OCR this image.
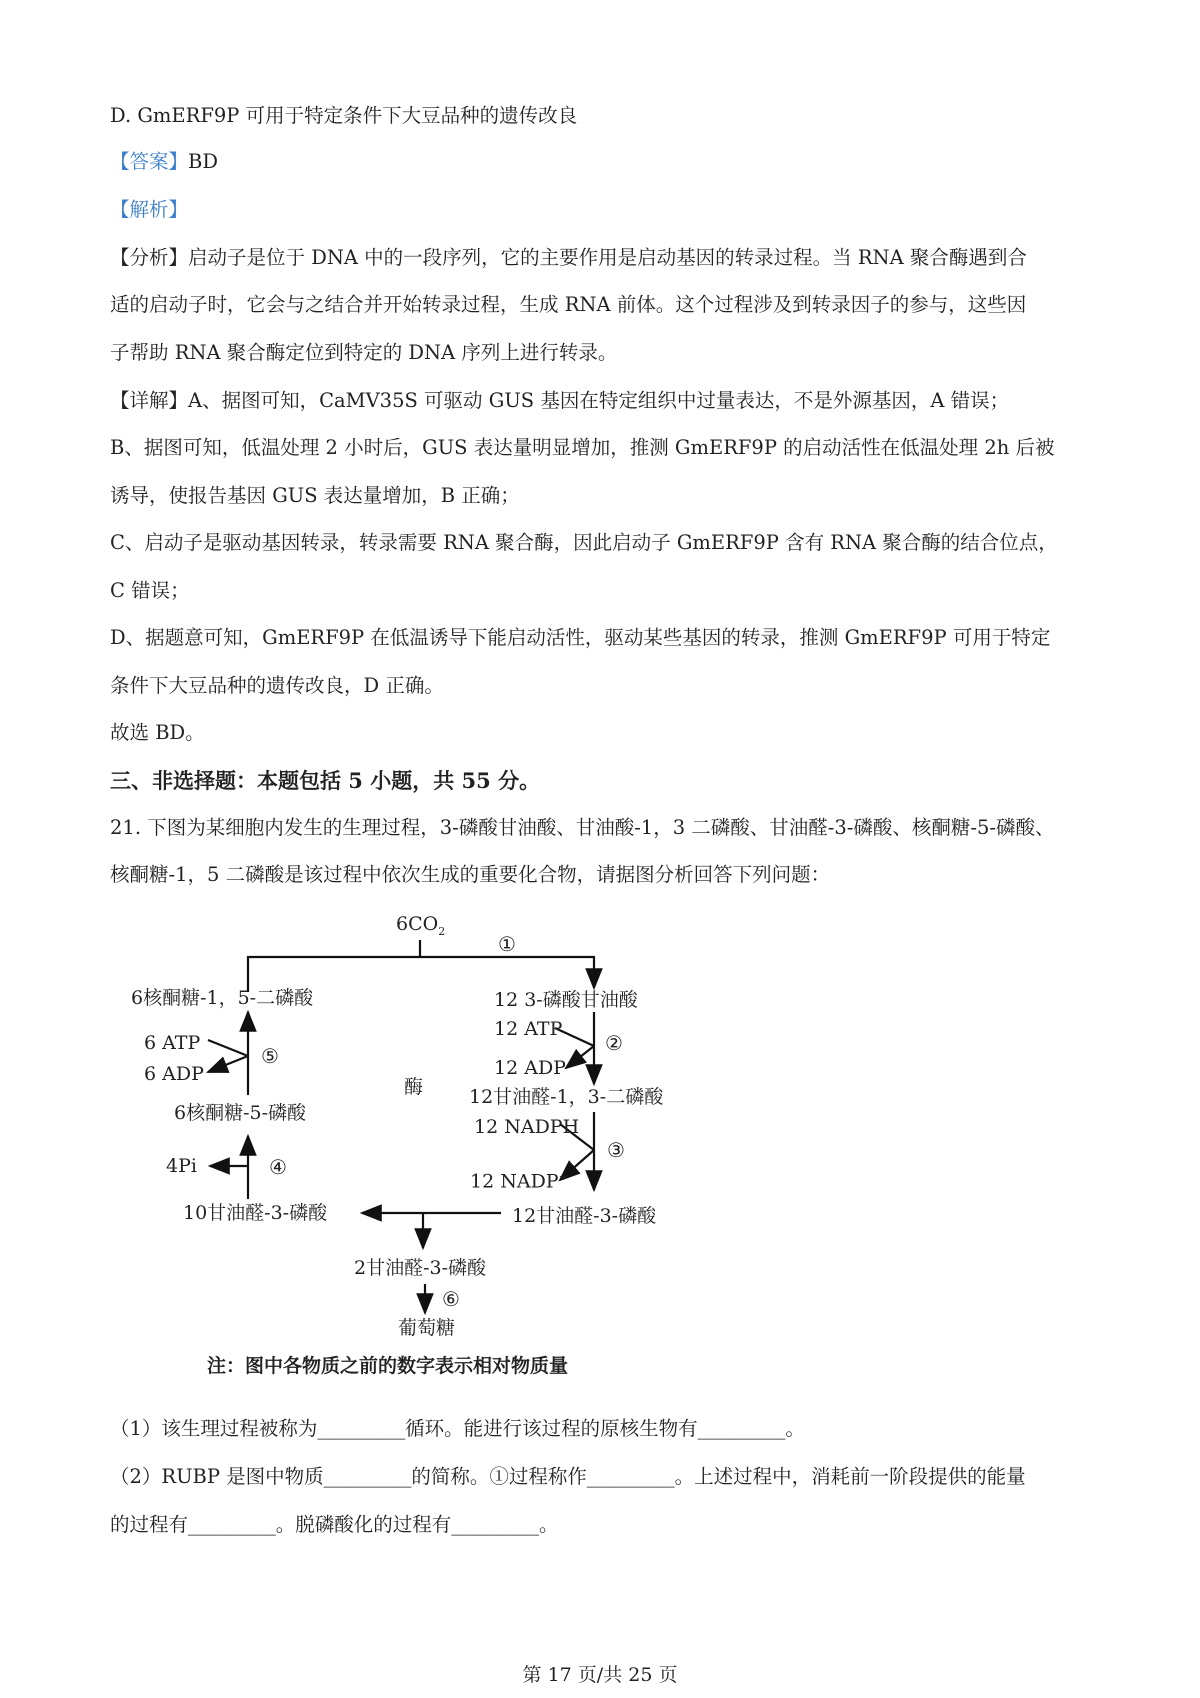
D. GmERF9P 可用于特定条件下大豆品种的遗传改良
【答案】BD
【解析】
【分析】启动子是位于 DNA 中的一段序列，它的主要作用是启动基因的转录过程。当 RNA 聚合酶遇到合
适的启动子时，它会与之结合并开始转录过程，生成 RNA 前体。这个过程涉及到转录因子的参与，这些因
子帮助 RNA 聚合酶定位到特定的 DNA 序列上进行转录。
【详解】A、据图可知，CaMV35S 可驱动 GUS 基因在特定组织中过量表达，不是外源基因，A 错误；
B、据图可知，低温处理 2 小时后，GUS 表达量明显增加，推测 GmERF9P 的启动活性在低温处理 2h 后被
诱导，使报告基因 GUS 表达量增加，B 正确；
C、启动子是驱动基因转录，转录需要 RNA 聚合酶，因此启动子 GmERF9P 含有 RNA 聚合酶的结合位点，
C 错误；
D、据题意可知，GmERF9P 在低温诱导下能启动活性，驱动某些基因的转录，推测 GmERF9P 可用于特定
条件下大豆品种的遗传改良，D 正确。
故选 BD。
三、非选择题：本题包括 5 小题，共 55 分。
21. 下图为某细胞内发生的生理过程，3-磷酸甘油酸、甘油酸-1，3 二磷酸、甘油醛-3-磷酸、核酮糖-5-磷酸、
核酮糖-1，5 二磷酸是该过程中依次生成的重要化合物，请据图分析回答下列问题：
$6CO_2$
①
6核酮糖-1，5-二磷酸	12 3-磷酸甘油酸
12 ATP
12 ADP
②
酶 12甘油醛-1，3-二磷酸
12 NADPH
12 NADP+
③
12甘油醛-3-磷酸
10甘油醛-3-磷酸
2甘油醛-3-磷酸
⑥
葡萄糖
6核酮糖-5-磷酸
6 ATP
6 ADP
⑤
4Pi	④
注：图中各物质之前的数字表示相对物质量
（1）该生理过程被称为_________循环。能进行该过程的原核生物有_________。
（2）RUBP 是图中物质_________的简称。①过程称作_________。上述过程中，消耗前一阶段提供的能量
的过程有_________。脱磷酸化的过程有_________。
第 17 页/共 25 页
